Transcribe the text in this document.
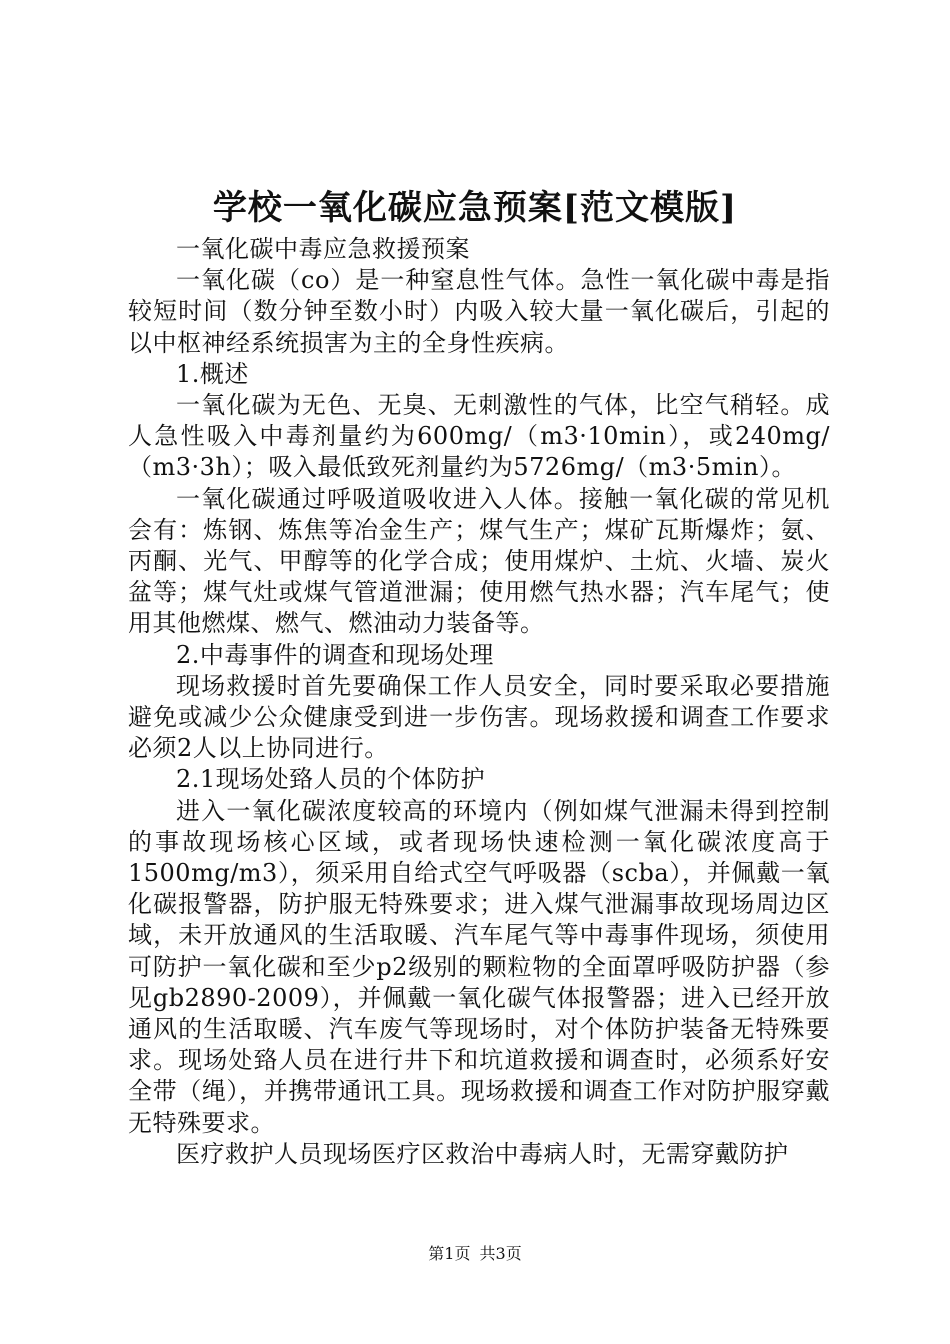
学校一氧化碳应急预案[范文模版]

一氧化碳中毒应急救援预案

一氧化碳（co）是一种窒息性气体。急性一氧化碳中毒是指较短时间（数分钟至数小时）内吸入较大量一氧化碳后，引起的以中枢神经系统损害为主的全身性疾病。

1.概述

一氧化碳为无色、无臭、无刺激性的气体，比空气稍轻。成人急性吸入中毒剂量约为600mg/（m3·10min），或240mg/（m3·3h）；吸入最低致死剂量约为5726mg/（m3·5min）。

一氧化碳通过呼吸道吸收进入人体。接触一氧化碳的常见机会有：炼钢、炼焦等冶金生产；煤气生产；煤矿瓦斯爆炸；氨、丙酮、光气、甲醇等的化学合成；使用煤炉、土炕、火墙、炭火盆等；煤气灶或煤气管道泄漏；使用燃气热水器；汽车尾气；使用其他燃煤、燃气、燃油动力装备等。

2.中毒事件的调查和现场处理

现场救援时首先要确保工作人员安全，同时要采取必要措施避免或减少公众健康受到进一步伤害。现场救援和调查工作要求必须2人以上协同进行。

2.1现场处臵人员的个体防护

进入一氧化碳浓度较高的环境内（例如煤气泄漏未得到控制的事故现场核心区域，或者现场快速检测一氧化碳浓度高于1500mg/m3），须采用自给式空气呼吸器（scba），并佩戴一氧化碳报警器，防护服无特殊要求；进入煤气泄漏事故现场周边区域，未开放通风的生活取暖、汽车尾气等中毒事件现场，须使用可防护一氧化碳和至少p2级别的颗粒物的全面罩呼吸防护器（参见gb2890-2009），并佩戴一氧化碳气体报警器；进入已经开放通风的生活取暖、汽车废气等现场时，对个体防护装备无特殊要求。现场处臵人员在进行井下和坑道救援和调查时，必须系好安全带（绳），并携带通讯工具。现场救援和调查工作对防护服穿戴无特殊要求。

医疗救护人员现场医疗区救治中毒病人时，无需穿戴防护

第1页 共3页
